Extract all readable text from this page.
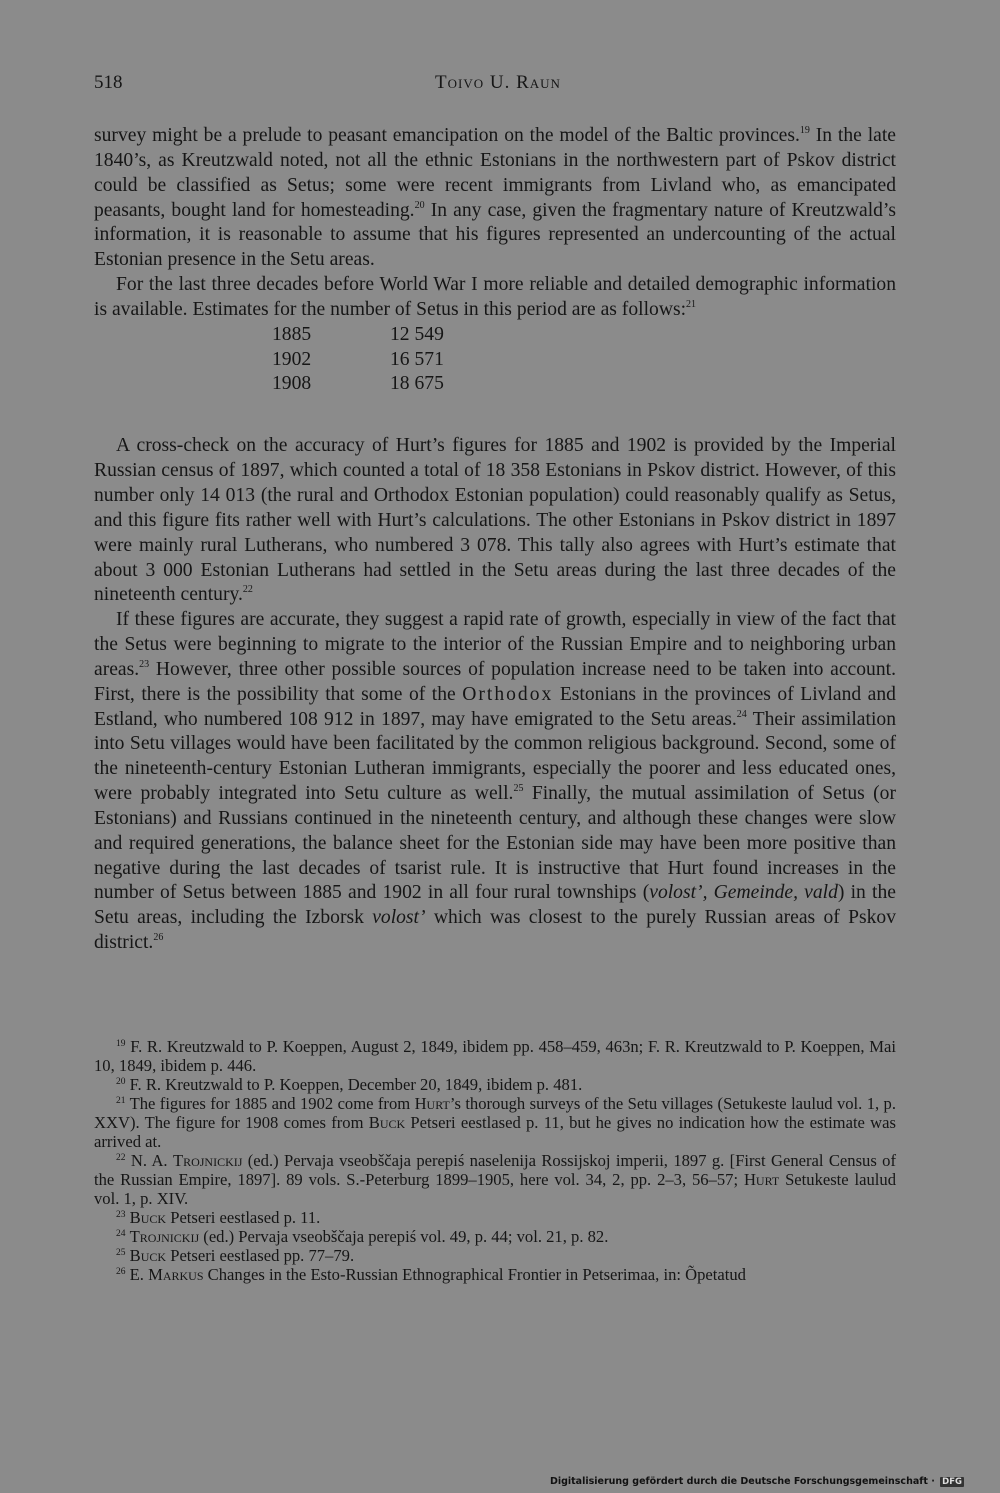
518	Toivo U. Raun

survey might be a prelude to peasant emancipation on the model of the Baltic provinces.$^{19}$ In the late 1840’s, as Kreutzwald noted, not all the ethnic Estonians in the northwestern part of Pskov district could be classified as Setus; some were recent immigrants from Livland who, as emancipated peasants, bought land for homesteading.$^{20}$ In any case, given the fragmentary nature of Kreutzwald’s information, it is reasonable to assume that his figures represented an undercounting of the actual Estonian presence in the Setu areas.

For the last three decades before World War I more reliable and detailed demographic information is available. Estimates for the number of Setus in this period are as follows:$^{21}$

1885	12 549
1902	16 571
1908	18 675

A cross-check on the accuracy of Hurt’s figures for 1885 and 1902 is provided by the Imperial Russian census of 1897, which counted a total of 18 358 Estonians in Pskov district. However, of this number only 14 013 (the rural and Orthodox Estonian population) could reasonably qualify as Setus, and this figure fits rather well with Hurt’s calculations. The other Estonians in Pskov district in 1897 were mainly rural Lutherans, who numbered 3 078. This tally also agrees with Hurt’s estimate that about 3 000 Estonian Lutherans had settled in the Setu areas during the last three decades of the nineteenth century.$^{22}$

If these figures are accurate, they suggest a rapid rate of growth, especially in view of the fact that the Setus were beginning to migrate to the interior of the Russian Empire and to neighboring urban areas.$^{23}$ However, three other possible sources of population increase need to be taken into account. First, there is the possibility that some of the Orthodox Estonians in the provinces of Livland and Estland, who numbered 108 912 in 1897, may have emigrated to the Setu areas.$^{24}$ Their assimilation into Setu villages would have been facilitated by the common religious background. Second, some of the nineteenth-century Estonian Lutheran immigrants, especially the poorer and less educated ones, were probably integrated into Setu culture as well.$^{25}$ Finally, the mutual assimilation of Setus (or Estonians) and Russians continued in the nineteenth century, and although these changes were slow and required generations, the balance sheet for the Estonian side may have been more positive than negative during the last decades of tsarist rule. It is instructive that Hurt found increases in the number of Setus between 1885 and 1902 in all four rural townships (volost’, Gemeinde, vald) in the Setu areas, including the Izborsk volost’ which was closest to the purely Russian areas of Pskov district.$^{26}$

$^{19}$ F. R. Kreutzwald to P. Koeppen, August 2, 1849, ibidem pp. 458–459, 463n; F. R. Kreutzwald to P. Koeppen, Mai 10, 1849, ibidem p. 446.

$^{20}$ F. R. Kreutzwald to P. Koeppen, December 20, 1849, ibidem p. 481.

$^{21}$ The figures for 1885 and 1902 come from Hurt’s thorough surveys of the Setu villages (Setukeste laulud vol. 1, p. XXV). The figure for 1908 comes from Buck Petseri eestlased p. 11, but he gives no indication how the estimate was arrived at.

$^{22}$ N. A. Trojnickij (ed.) Pervaja vseobščaja perepiś naselenija Rossijskoj imperii, 1897 g. [First General Census of the Russian Empire, 1897]. 89 vols. S.-Peterburg 1899–1905, here vol. 34, 2, pp. 2–3, 56–57; Hurt Setukeste laulud vol. 1, p. XIV.

$^{23}$ Buck Petseri eestlased p. 11.

$^{24}$ Trojnickij (ed.) Pervaja vseobščaja perepiś vol. 49, p. 44; vol. 21, p. 82.

$^{25}$ Buck Petseri eestlased pp. 77–79.

$^{26}$ E. Markus Changes in the Esto-Russian Ethnographical Frontier in Petserimaa, in: Õpetatud

Digitalisierung gefördert durch die Deutsche Forschungsgemeinschaft · DFG
